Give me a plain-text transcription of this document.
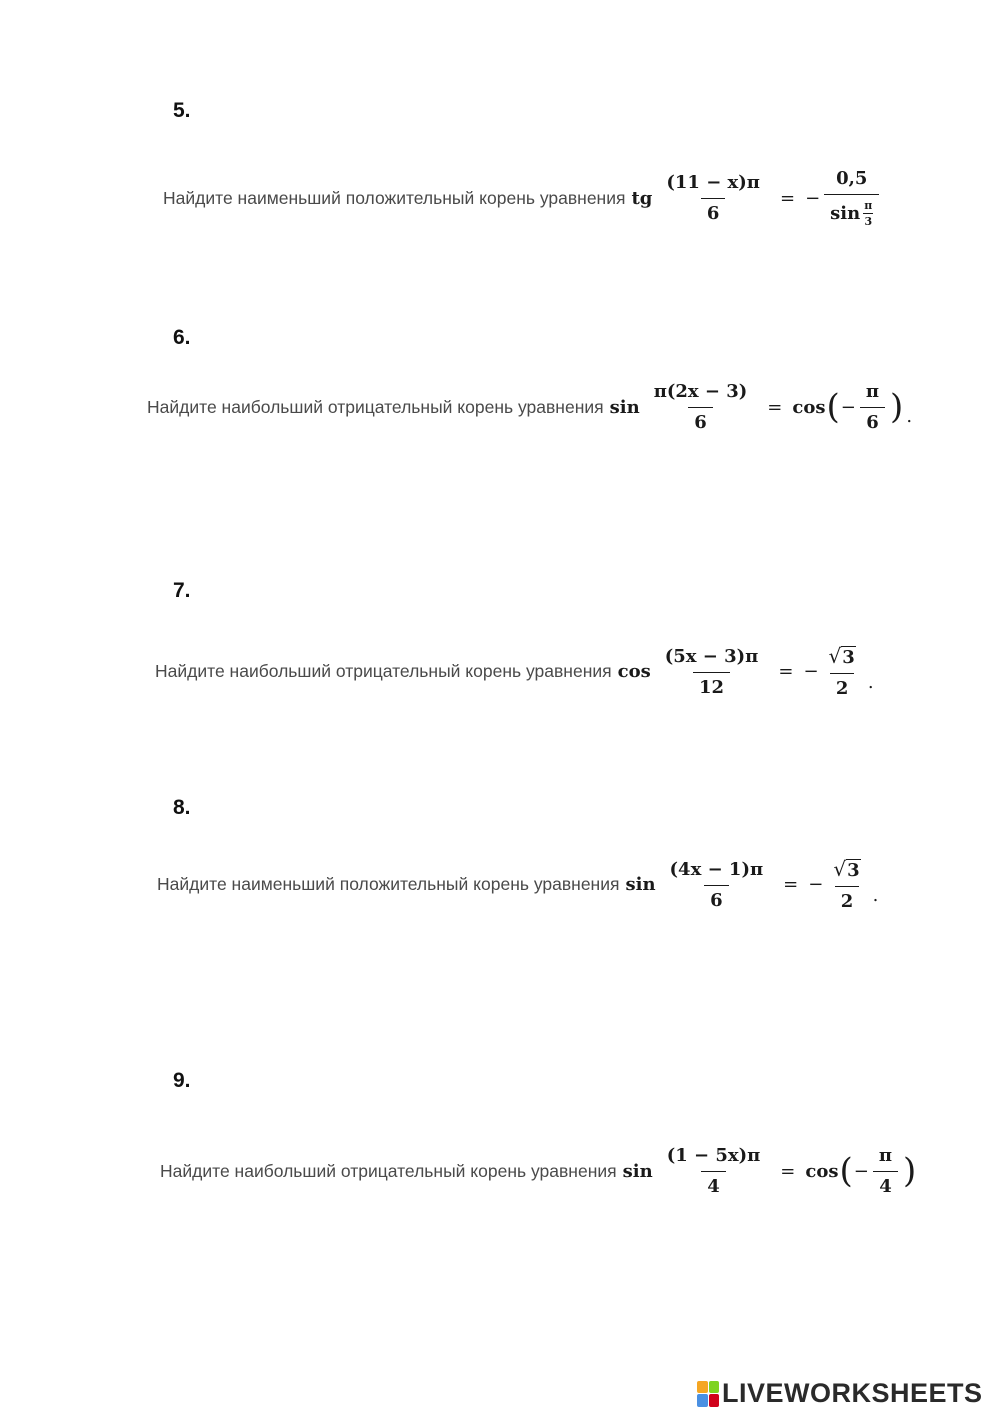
5.
Найдите наименьший положительный корень уравнения tg $\frac{(11 - x)\pi}{6}$ = − $\frac{0,5}{\sin \frac{\pi}{3}}$
6.
Найдите наибольший отрицательный корень уравнения $\sin \frac{\pi(2x - 3)}{6} = \cos$ ( − $\frac{\pi}{6}$ ) .
7.
Найдите наибольший отрицательный корень уравнения $\cos \frac{(5x - 3)\pi}{12}$ = − $\frac{√ 3}{2}$ .
8.
Найдите наименьший положительный корень уравнения $\sin \frac{(4x - 1)\pi}{6}$ = − $\frac{√ 3}{2}$ .
9.
Найдите наибольший отрицательный корень уравнения $\sin \frac{(1 - 5x)\pi}{4} = \cos$ ( − $\frac{\pi}{4}$ )
LIVEWORKSHEETS
